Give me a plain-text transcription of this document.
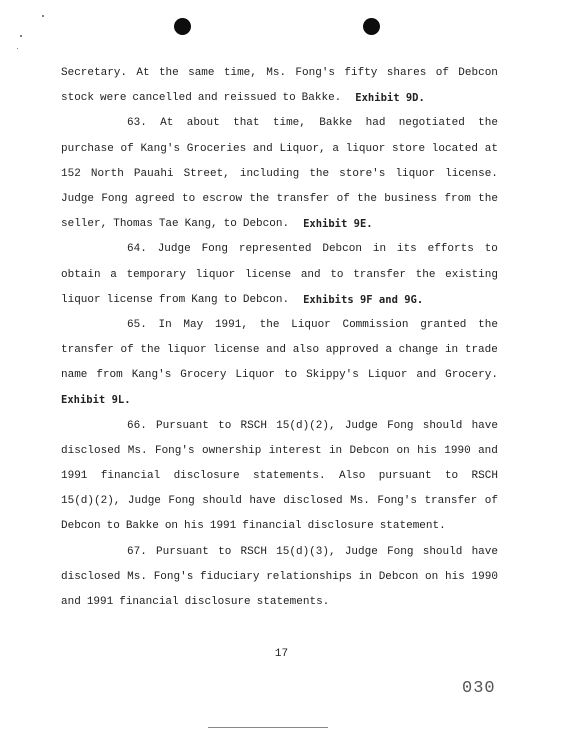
Secretary. At the same time, Ms. Fong's fifty shares of Debcon
stock were cancelled and reissued to Bakke. Exhibit 9D.
63. At about that time, Bakke had negotiated the
purchase of Kang's Groceries and Liquor, a liquor store located at
152 North Pauahi Street, including the store's liquor license.
Judge Fong agreed to escrow the transfer of the business from the
seller, Thomas Tae Kang, to Debcon. Exhibit 9E.
64. Judge Fong represented Debcon in its efforts to
obtain a temporary liquor license and to transfer the existing
liquor license from Kang to Debcon. Exhibits 9F and 9G.
65. In May 1991, the Liquor Commission granted the
transfer of the liquor license and also approved a change in trade
name from Kang's Grocery Liquor to Skippy's Liquor and Grocery.
Exhibit 9L.
66. Pursuant to RSCH 15(d)(2), Judge Fong should have
disclosed Ms. Fong's ownership interest in Debcon on his 1990 and
1991 financial disclosure statements. Also pursuant to RSCH
15(d)(2), Judge Fong should have disclosed Ms. Fong's transfer of
Debcon to Bakke on his 1991 financial disclosure statement.
67. Pursuant to RSCH 15(d)(3), Judge Fong should have
disclosed Ms. Fong's fiduciary relationships in Debcon on his 1990
and 1991 financial disclosure statements.
17
030
